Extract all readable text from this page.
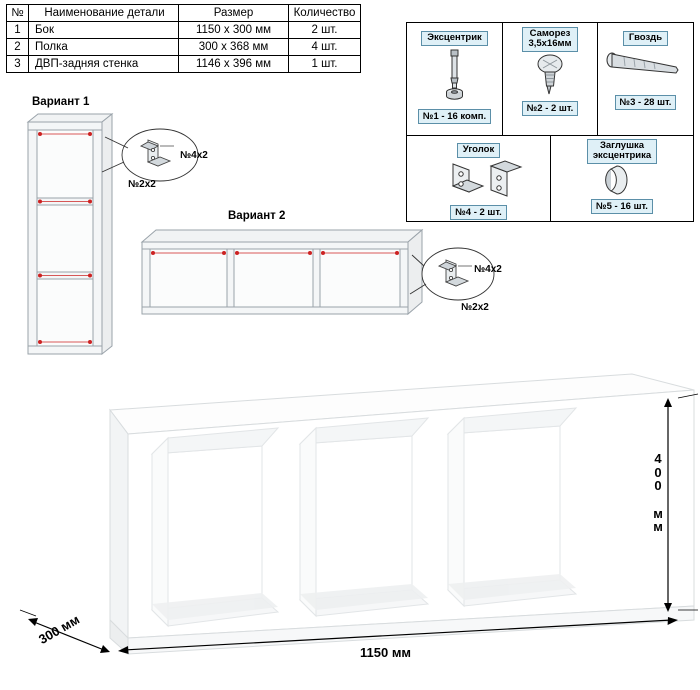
№	Наименование детали	Размер	Количество
1	Бок	1150 х 300 мм	2 шт.
2	Полка	300 х 368 мм	4 шт.
3	ДВП-задняя стенка	1146 х 396 мм	1 шт.
Эксцентрик
№1 - 16 комп.
Саморез
3,5х16мм
№2 - 2 шт.
Гвоздь
№3 - 28 шт.
Уголок
№4 - 2 шт.
Заглушка
эксцентрика
№5 - 16 шт.
Вариант 1
№4х2
№2х2
Вариант 2
№4х2
№2х2
4
0
0

м
м
1150 мм
300 мм
